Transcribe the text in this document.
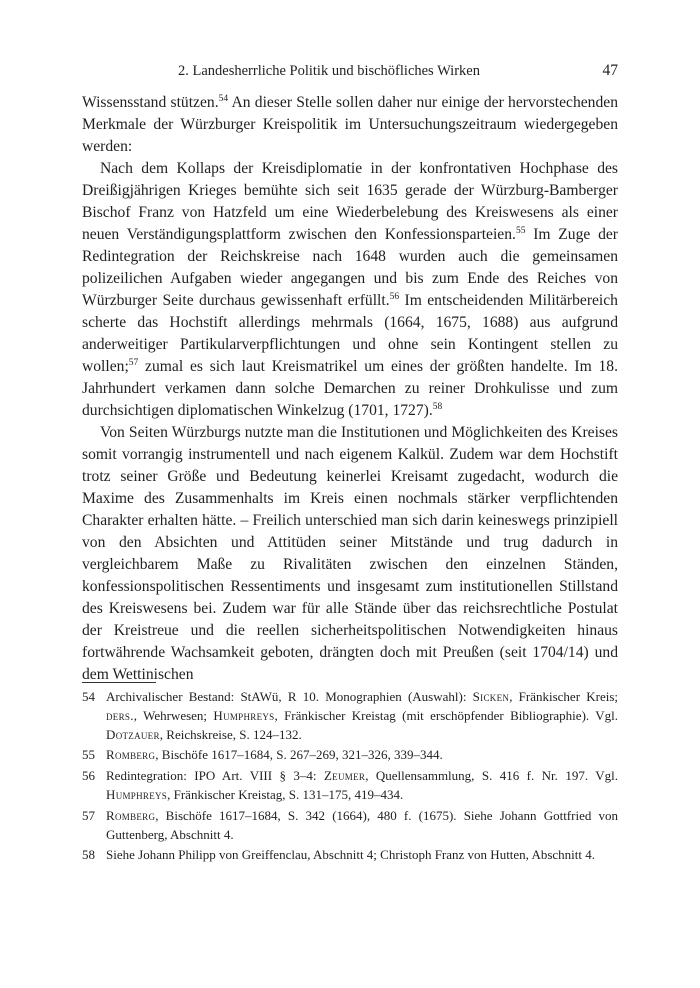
2. Landesherrliche Politik und bischöfliches Wirken	47

Wissensstand stützen.$^{54}$ An dieser Stelle sollen daher nur einige der hervorstechenden Merkmale der Würzburger Kreispolitik im Untersuchungszeitraum wiedergegeben werden:

Nach dem Kollaps der Kreisdiplomatie in der konfrontativen Hochphase des Dreißigjährigen Krieges bemühte sich seit 1635 gerade der Würzburg-Bamberger Bischof Franz von Hatzfeld um eine Wiederbelebung des Kreiswesens als einer neuen Verständigungsplattform zwischen den Konfessionsparteien.$^{55}$ Im Zuge der Redintegration der Reichskreise nach 1648 wurden auch die gemeinsamen polizeilichen Aufgaben wieder angegangen und bis zum Ende des Reiches von Würzburger Seite durchaus gewissenhaft erfüllt.$^{56}$ Im entscheidenden Militärbereich scherte das Hochstift allerdings mehrmals (1664, 1675, 1688) aus aufgrund anderweitiger Partikularverpflichtungen und ohne sein Kontingent stellen zu wollen;$^{57}$ zumal es sich laut Kreismatrikel um eines der größten handelte. Im 18. Jahrhundert verkamen dann solche Demarchen zu reiner Drohkulisse und zum durchsichtigen diplomatischen Winkelzug (1701, 1727).$^{58}$

Von Seiten Würzburgs nutzte man die Institutionen und Möglichkeiten des Kreises somit vorrangig instrumentell und nach eigenem Kalkül. Zudem war dem Hochstift trotz seiner Größe und Bedeutung keinerlei Kreisamt zugedacht, wodurch die Maxime des Zusammenhalts im Kreis einen nochmals stärker verpflichtenden Charakter erhalten hätte. – Freilich unterschied man sich darin keineswegs prinzipiell von den Absichten und Attitüden seiner Mitstände und trug dadurch in vergleichbarem Maße zu Rivalitäten zwischen den einzelnen Ständen, konfessionspolitischen Ressentiments und insgesamt zum institutionellen Stillstand des Kreiswesens bei. Zudem war für alle Stände über das reichsrechtliche Postulat der Kreistreue und die reellen sicherheitspolitischen Notwendigkeiten hinaus fortwährende Wachsamkeit geboten, drängten doch mit Preußen (seit 1704/14) und dem Wettinischen

54 Archivalischer Bestand: StAWü, R 10. Monographien (Auswahl): Sicken, Fränkischer Kreis; ders., Wehrwesen; Humphreys, Fränkischer Kreistag (mit erschöpfender Bibliographie). Vgl. Dotzauer, Reichskreise, S. 124–132.
55 Romberg, Bischöfe 1617–1684, S. 267–269, 321–326, 339–344.
56 Redintegration: IPO Art. VIII § 3–4: Zeumer, Quellensammlung, S. 416 f. Nr. 197. Vgl. Humphreys, Fränkischer Kreistag, S. 131–175, 419–434.
57 Romberg, Bischöfe 1617–1684, S. 342 (1664), 480 f. (1675). Siehe Johann Gottfried von Guttenberg, Abschnitt 4.
58 Siehe Johann Philipp von Greiffenclau, Abschnitt 4; Christoph Franz von Hutten, Abschnitt 4.
